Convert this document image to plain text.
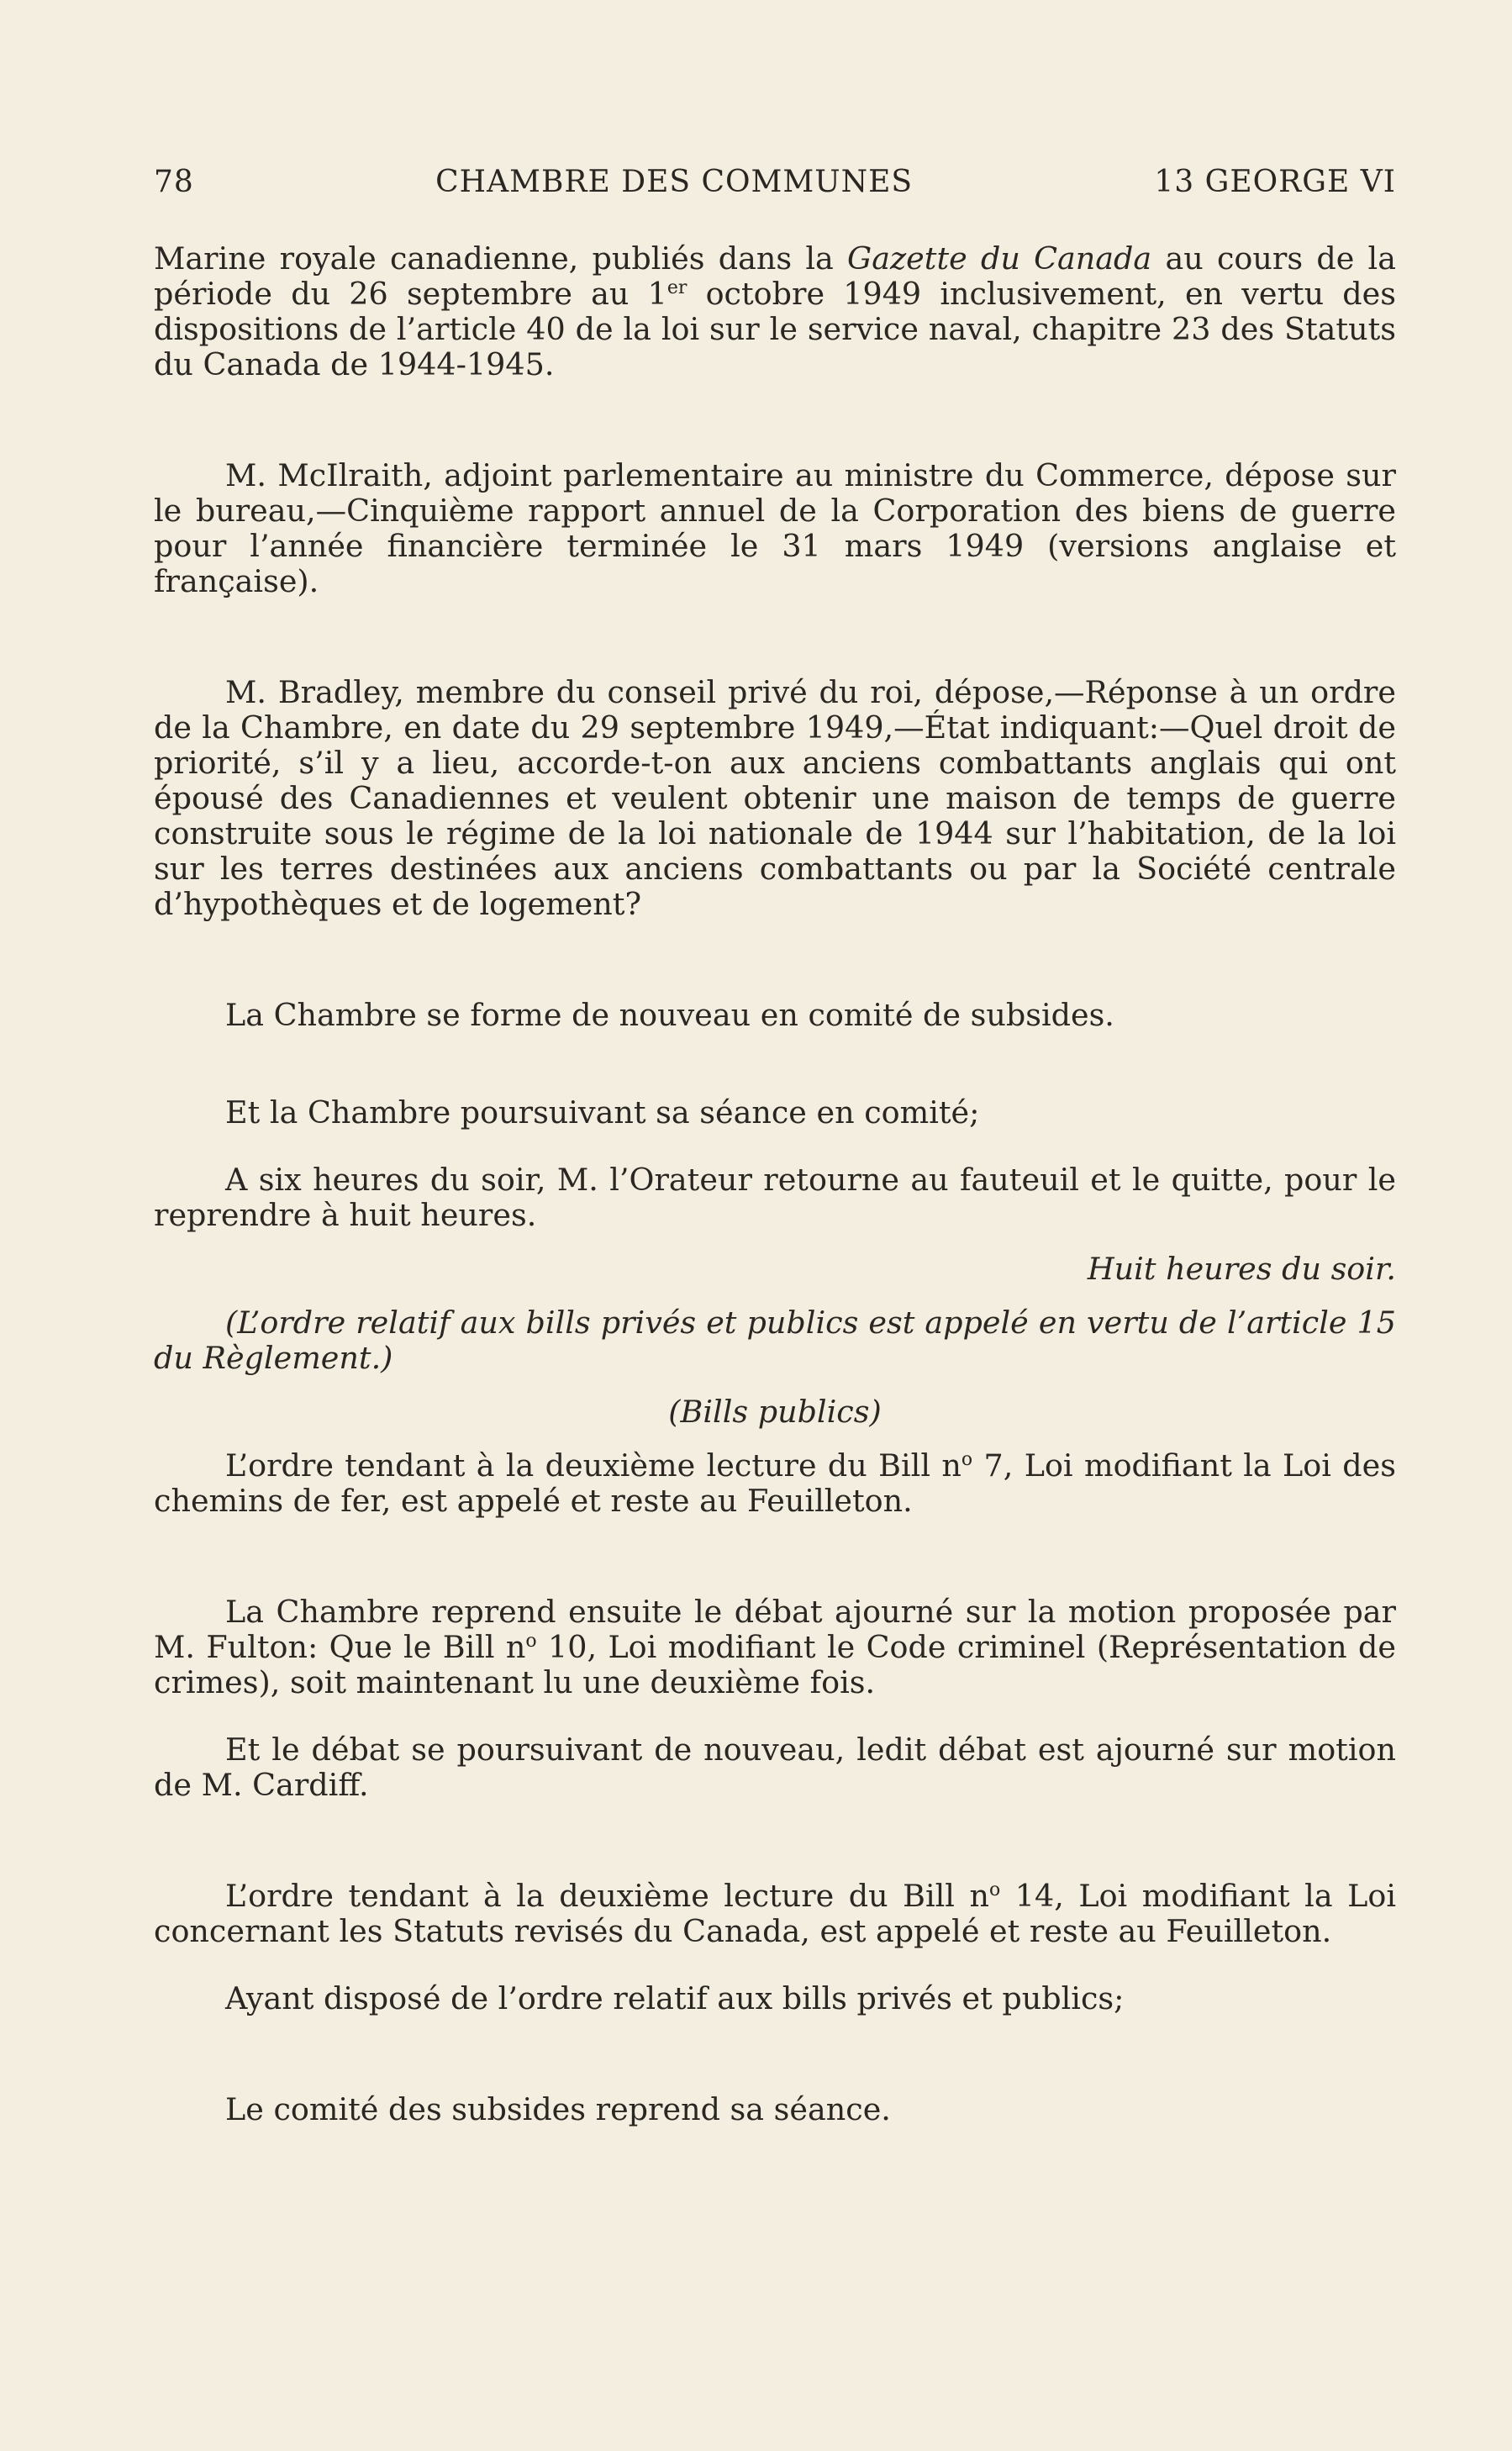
78	CHAMBRE DES COMMUNES	13 GEORGE VI

Marine royale canadienne, publiés dans la Gazette du Canada au cours de la période du 26 septembre au 1er octobre 1949 inclusivement, en vertu des dispositions de l’article 40 de la loi sur le service naval, chapitre 23 des Statuts du Canada de 1944-1945.

M. McIlraith, adjoint parlementaire au ministre du Commerce, dépose sur le bureau,—Cinquième rapport annuel de la Corporation des biens de guerre pour l’année financière terminée le 31 mars 1949 (versions anglaise et française).

M. Bradley, membre du conseil privé du roi, dépose,—Réponse à un ordre de la Chambre, en date du 29 septembre 1949,—État indiquant:—Quel droit de priorité, s’il y a lieu, accorde-t-on aux anciens combattants anglais qui ont épousé des Canadiennes et veulent obtenir une maison de temps de guerre construite sous le régime de la loi nationale de 1944 sur l’habitation, de la loi sur les terres destinées aux anciens combattants ou par la Société centrale d’hypothèques et de logement?

La Chambre se forme de nouveau en comité de subsides.

Et la Chambre poursuivant sa séance en comité;

A six heures du soir, M. l’Orateur retourne au fauteuil et le quitte, pour le reprendre à huit heures.

Huit heures du soir.

(L’ordre relatif aux bills privés et publics est appelé en vertu de l’article 15 du Règlement.)

(Bills publics)

L’ordre tendant à la deuxième lecture du Bill $n^o$ 7, Loi modifiant la Loi des chemins de fer, est appelé et reste au Feuilleton.

La Chambre reprend ensuite le débat ajourné sur la motion proposée par M. Fulton: Que le Bill $n^o$ 10, Loi modifiant le Code criminel (Représentation de crimes), soit maintenant lu une deuxième fois.

Et le débat se poursuivant de nouveau, ledit débat est ajourné sur motion de M. Cardiff.

L’ordre tendant à la deuxième lecture du Bill $n^o$ 14, Loi modifiant la Loi concernant les Statuts revisés du Canada, est appelé et reste au Feuilleton.

Ayant disposé de l’ordre relatif aux bills privés et publics;

Le comité des subsides reprend sa séance.
